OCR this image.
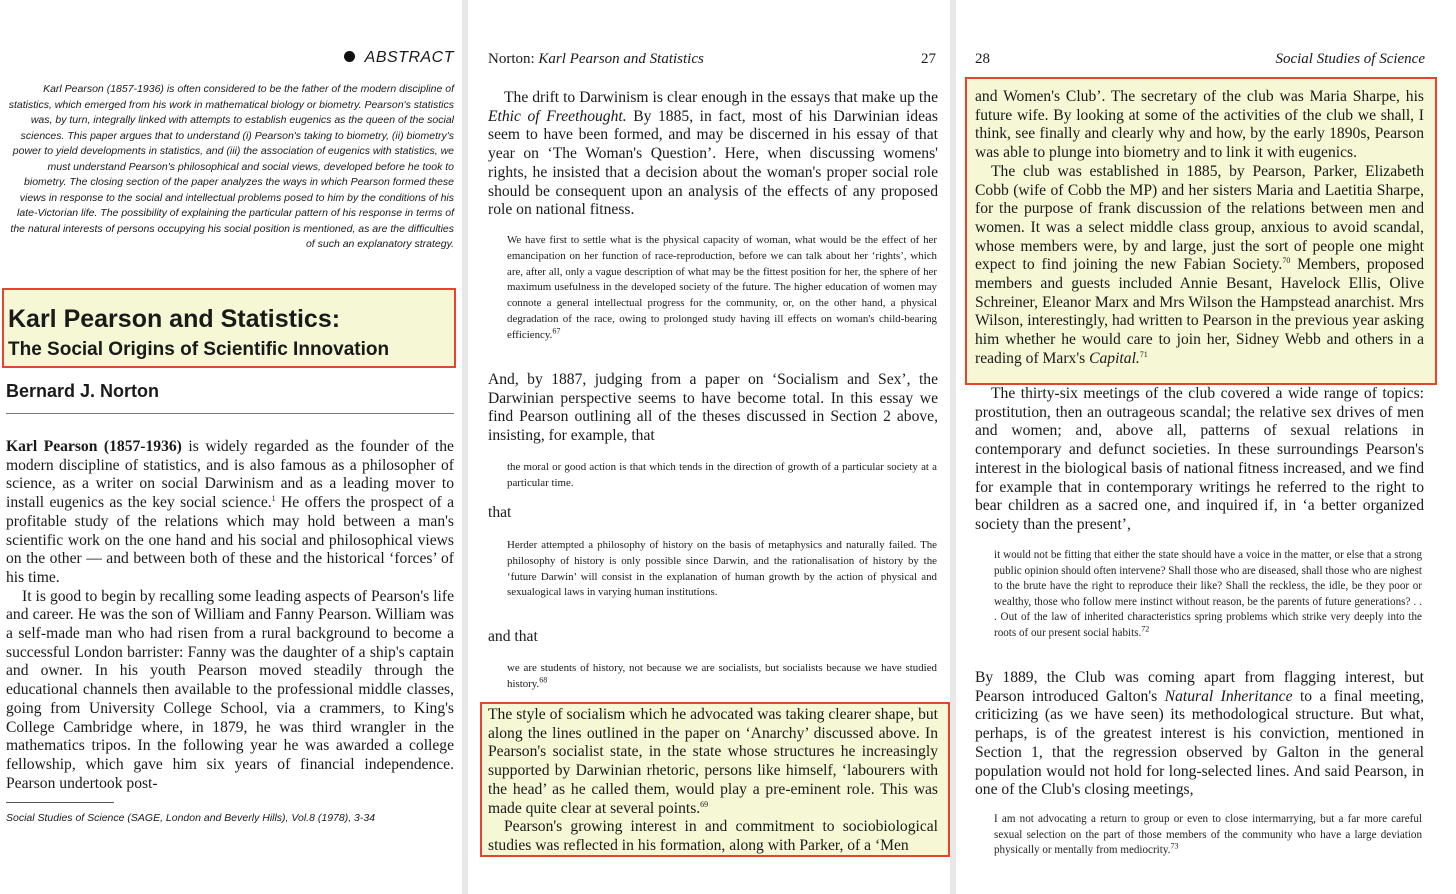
ABSTRACT
Karl Pearson (1857-1936) is often considered to be the father of the modern discipline of statistics, which emerged from his work in mathematical biology or biometry. Pearson's statistics was, by turn, integrally linked with attempts to establish eugenics as the queen of the social sciences. This paper argues that to understand (i) Pearson's taking to biometry, (ii) biometry's power to yield developments in statistics, and (iii) the association of eugenics with statistics, we must understand Pearson's philosophical and social views, developed before he took to biometry. The closing section of the paper analyzes the ways in which Pearson formed these views in response to the social and intellectual problems posed to him by the conditions of his late-Victorian life. The possibility of explaining the particular pattern of his response in terms of the natural interests of persons occupying his social position is mentioned, as are the difficulties of such an explanatory strategy.
Karl Pearson and Statistics:
The Social Origins of Scientific Innovation
Bernard J. Norton

Karl Pearson (1857-1936) is widely regarded as the founder of the modern discipline of statistics, and is also famous as a philosopher of science, as a writer on social Darwinism and as a leading mover to install eugenics as the key social science.$^1$ He offers the prospect of a profitable study of the relations which may hold between a man's scientific work on the one hand and his social and philosophical views on the other — and between both of these and the historical ‘forces’ of his time.

It is good to begin by recalling some leading aspects of Pearson's life and career. He was the son of William and Fanny Pearson. William was a self-made man who had risen from a rural background to become a successful London barrister: Fanny was the daughter of a ship's captain and owner. In his youth Pearson moved steadily through the educational channels then available to the professional middle classes, going from University College School, via a crammers, to King's College Cambridge where, in 1879, he was third wrangler in the mathematics tripos. In the following year he was awarded a college fellowship, which gave him six years of financial independence. Pearson undertook post-

Social Studies of Science (SAGE, London and Beverly Hills), Vol.8 (1978), 3-34
Norton: Karl Pearson and Statistics	27

The drift to Darwinism is clear enough in the essays that make up the Ethic of Freethought. By 1885, in fact, most of his Darwinian ideas seem to have been formed, and may be discerned in his essay of that year on ‘The Woman's Question’. Here, when discussing womens' rights, he insisted that a decision about the woman's proper social role should be consequent upon an analysis of the effects of any proposed role on national fitness.

We have first to settle what is the physical capacity of woman, what would be the effect of her emancipation on her function of race-reproduction, before we can talk about her ‘rights’, which are, after all, only a vague description of what may be the fittest position for her, the sphere of her maximum usefulness in the developed society of the future. The higher education of women may connote a general intellectual progress for the community, or, on the other hand, a physical degradation of the race, owing to prolonged study having ill effects on woman's child-bearing efficiency.$^{67}$

And, by 1887, judging from a paper on ‘Socialism and Sex’, the Darwinian perspective seems to have become total. In this essay we find Pearson outlining all of the theses discussed in Section 2 above, insisting, for example, that

the moral or good action is that which tends in the direction of growth of a particular society at a particular time.

that

Herder attempted a philosophy of history on the basis of metaphysics and naturally failed. The philosophy of history is only possible since Darwin, and the rationalisation of history by the ‘future Darwin’ will consist in the explanation of human growth by the action of physical and sexualogical laws in varying human institutions.

and that

we are students of history, not because we are socialists, but socialists because we have studied history.$^{68}$

The style of socialism which he advocated was taking clearer shape, but along the lines outlined in the paper on ‘Anarchy’ discussed above. In Pearson's socialist state, in the state whose structures he increasingly supported by Darwinian rhetoric, persons like himself, ‘labourers with the head’ as he called them, would play a pre-eminent role. This was made quite clear at several points.$^{69}$

Pearson's growing interest in and commitment to sociobiological studies was reflected in his formation, along with Parker, of a ‘Men

28	Social Studies of Science

and Women's Club’. The secretary of the club was Maria Sharpe, his future wife. By looking at some of the activities of the club we shall, I think, see finally and clearly why and how, by the early 1890s, Pearson was able to plunge into biometry and to link it with eugenics.

The club was established in 1885, by Pearson, Parker, Elizabeth Cobb (wife of Cobb the MP) and her sisters Maria and Laetitia Sharpe, for the purpose of frank discussion of the relations between men and women. It was a select middle class group, anxious to avoid scandal, whose members were, by and large, just the sort of people one might expect to find joining the new Fabian Society.$^{70}$ Members, proposed members and guests included Annie Besant, Havelock Ellis, Olive Schreiner, Eleanor Marx and Mrs Wilson the Hampstead anarchist. Mrs Wilson, interestingly, had written to Pearson in the previous year asking him whether he would care to join her, Sidney Webb and others in a reading of Marx's Capital.$^{71}$

The thirty-six meetings of the club covered a wide range of topics: prostitution, then an outrageous scandal; the relative sex drives of men and women; and, above all, patterns of sexual relations in contemporary and defunct societies. In these surroundings Pearson's interest in the biological basis of national fitness increased, and we find for example that in contemporary writings he referred to the right to bear children as a sacred one, and inquired if, in ‘a better organized society than the present’,

it would not be fitting that either the state should have a voice in the matter, or else that a strong public opinion should often intervene? Shall those who are diseased, shall those who are nighest to the brute have the right to reproduce their like? Shall the reckless, the idle, be they poor or wealthy, those who follow mere instinct without reason, be the parents of future generations? . . . Out of the law of inherited characteristics spring problems which strike very deeply into the roots of our present social habits.$^{72}$

By 1889, the Club was coming apart from flagging interest, but Pearson introduced Galton's Natural Inheritance to a final meeting, criticizing (as we have seen) its methodological structure. But what, perhaps, is of the greatest interest is his conviction, mentioned in Section 1, that the regression observed by Galton in the general population would not hold for long-selected lines. And said Pearson, in one of the Club's closing meetings,

I am not advocating a return to group or even to close intermarrying, but a far more careful sexual selection on the part of those members of the community who have a large deviation physically or mentally from mediocrity.$^{73}$
